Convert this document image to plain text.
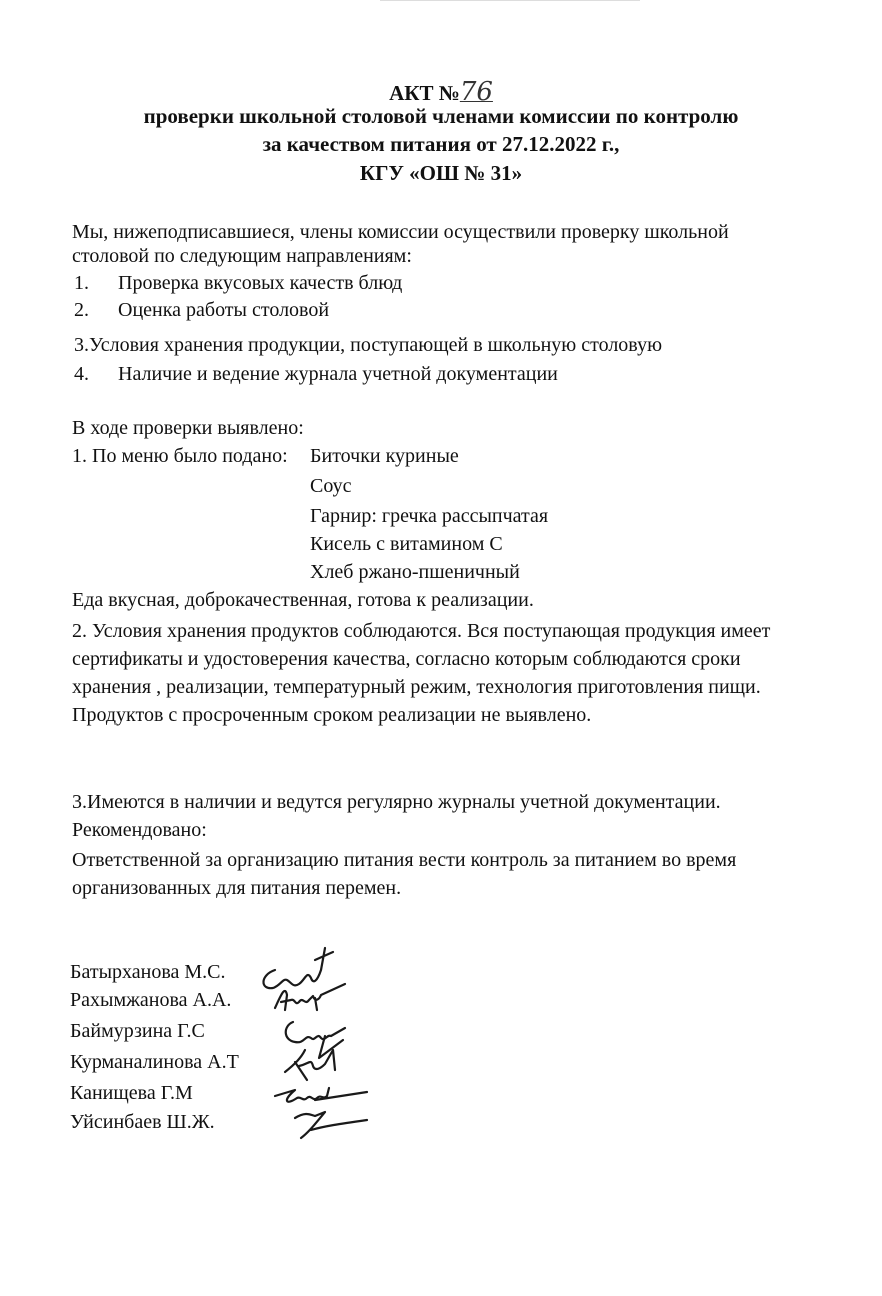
АКТ №76
проверки школьной столовой членами комиссии по контролю
за качеством питания от 27.12.2022 г.,
КГУ «ОШ № 31»
Мы, нижеподписавшиеся, члены комиссии осуществили проверку школьной
столовой по следующим направлениям:
1. Проверка вкусовых качеств блюд
2. Оценка работы столовой
3.Условия хранения продукции, поступающей в школьную столовую
4. Наличие и ведение журнала учетной документации
В ходе проверки выявлено:
1. По меню было подано: Биточки куриные
Соус
Гарнир: гречка рассыпчатая
Кисель с витамином С
Хлеб ржано-пшеничный
Еда вкусная, доброкачественная, готова к реализации.
2. Условия хранения продуктов соблюдаются. Вся поступающая продукция имеет
сертификаты и удостоверения качества, согласно которым соблюдаются сроки
хранения , реализации, температурный режим, технология приготовления пищи.
Продуктов с просроченным сроком реализации не выявлено.
3.Имеются в наличии и ведутся регулярно журналы учетной документации.
Рекомендовано:
Ответственной за организацию питания вести контроль за питанием во время
организованных для питания перемен.
Батырханова М.С.
Рахымжанова А.А.
Баймурзина Г.С
Курманалинова А.Т
Канищева Г.М
Уйсинбаев Ш.Ж.
